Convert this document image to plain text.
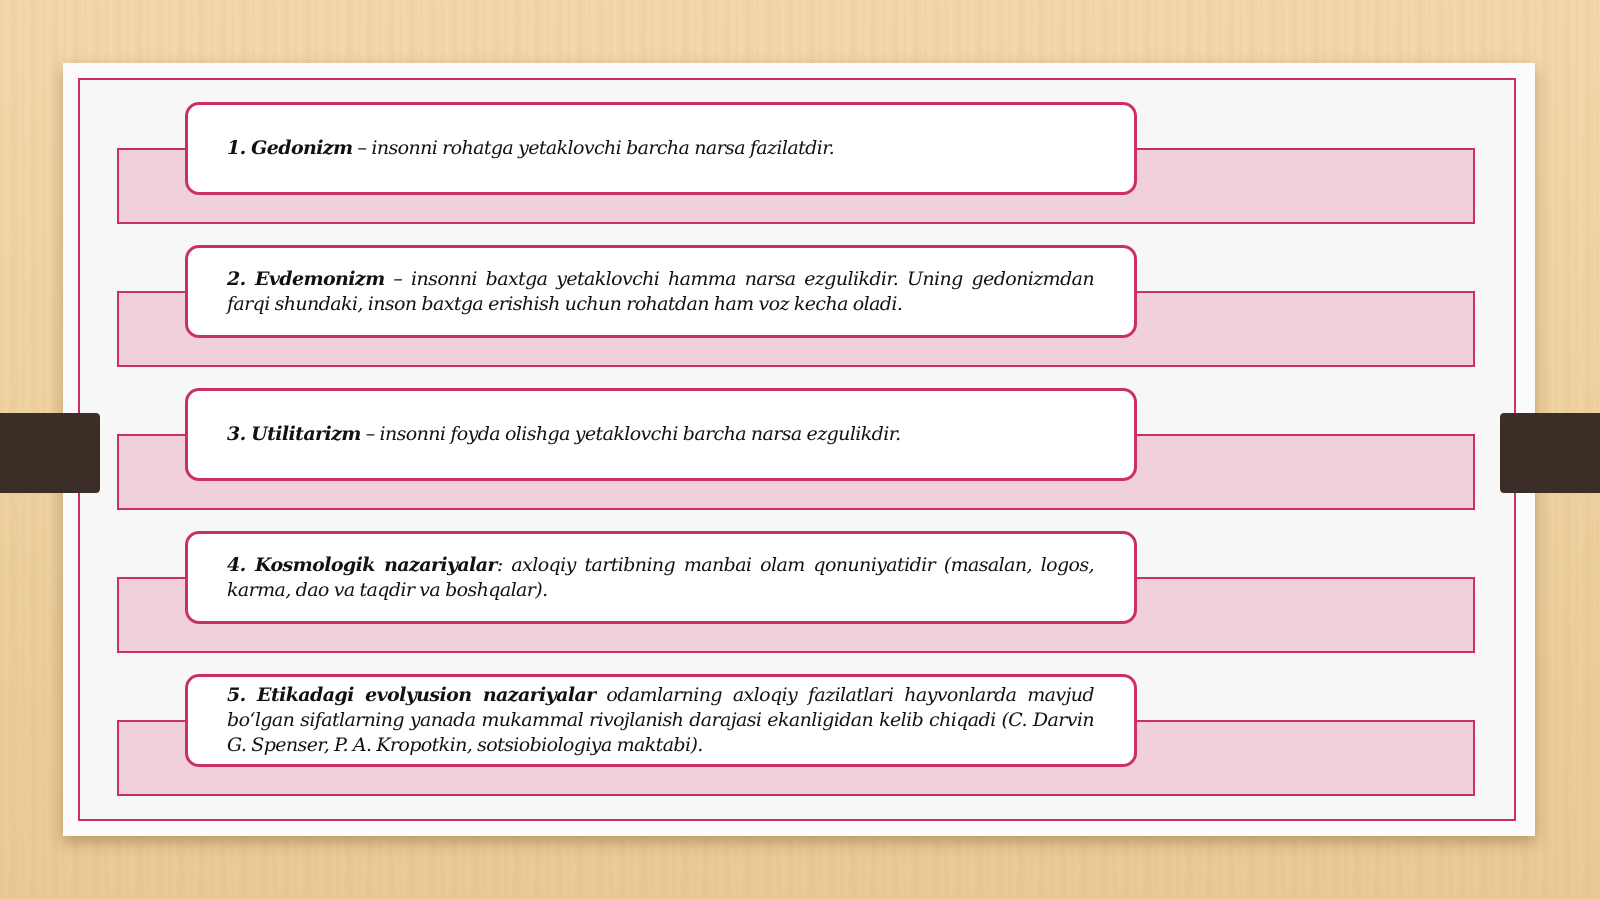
1. Gedonizm – insonni rohatga yetaklovchi barcha narsa fazilatdir.
2. Evdemonizm – insonni baxtga yetaklovchi hamma narsa ezgulikdir. Uning gedonizmdan farqi shundaki, inson baxtga erishish uchun rohatdan ham voz kecha oladi.
3. Utilitarizm – insonni foyda olishga yetaklovchi barcha narsa ezgulikdir.
4. Kosmologik nazariyalar: axloqiy tartibning manbai olam qonuniyatidir (masalan, logos, karma, dao va taqdir va boshqalar).
5. Etikadagi evolyusion nazariyalar odamlarning axloqiy fazilatlari hayvonlarda mavjud bo‘lgan sifatlarning yanada mukammal rivojlanish darajasi ekanligidan kelib chiqadi (C. Darvin G. Spenser, P. A. Kropotkin, sotsiobiologiya maktabi).
